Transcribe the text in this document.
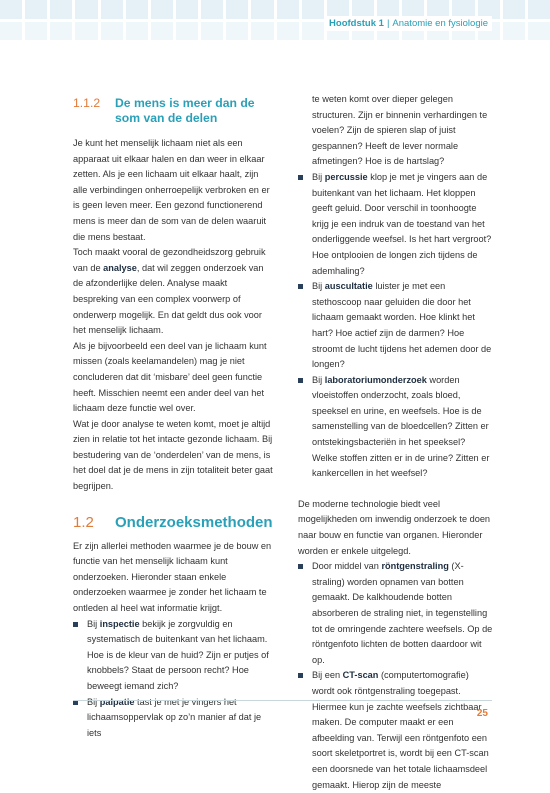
Hoofdstuk 1 | Anatomie en fysiologie
1.1.2	De mens is meer dan de som van de delen

Je kunt het menselijk lichaam niet als een apparaat uit elkaar halen en dan weer in elkaar zetten. Als je een lichaam uit elkaar haalt, zijn alle verbindingen onherroepelijk verbroken en er is geen leven meer. Een gezond functionerend mens is meer dan de som van de delen waaruit die mens bestaat.

Toch maakt vooral de gezondheidszorg gebruik van de analyse, dat wil zeggen onderzoek van de afzonderlijke delen. Analyse maakt bespreking van een complex voorwerp of onderwerp mogelijk. En dat geldt dus ook voor het menselijk lichaam.

Als je bijvoorbeeld een deel van je lichaam kunt missen (zoals keelamandelen) mag je niet concluderen dat dit ‘misbare’ deel geen functie heeft. Misschien neemt een ander deel van het lichaam deze functie wel over.

Wat je door analyse te weten komt, moet je altijd zien in relatie tot het intacte gezonde lichaam. Bij bestudering van de ‘onderdelen’ van de mens, is het doel dat je de mens in zijn totaliteit beter gaat begrijpen.

1.2	Onderzoeksmethoden

Er zijn allerlei methoden waarmee je de bouw en functie van het menselijk lichaam kunt onderzoeken. Hieronder staan enkele onderzoeken waarmee je zonder het lichaam te ontleden al heel wat informatie krijgt.

Bij inspectie bekijk je zorgvuldig en systematisch de buitenkant van het lichaam. Hoe is de kleur van de huid? Zijn er putjes of knobbels? Staat de persoon recht? Hoe beweegt iemand zich?
Bij palpatie tast je met je vingers het lichaamsoppervlak op zo’n manier af dat je iets

te weten komt over dieper gelegen structuren. Zijn er binnenin verhardingen te voelen? Zijn de spieren slap of juist gespannen? Heeft de lever normale afmetingen? Hoe is de hartslag?

Bij percussie klop je met je vingers aan de buitenkant van het lichaam. Het kloppen geeft geluid. Door verschil in toonhoogte krijg je een indruk van de toestand van het onderliggende weefsel. Is het hart vergroot? Hoe ontplooien de longen zich tijdens de ademhaling?
Bij auscultatie luister je met een stethoscoop naar geluiden die door het lichaam gemaakt worden. Hoe klinkt het hart? Hoe actief zijn de darmen? Hoe stroomt de lucht tijdens het ademen door de longen?
Bij laboratoriumonderzoek worden vloeistoffen onderzocht, zoals bloed, speeksel en urine, en weefsels. Hoe is de samenstelling van de bloedcellen? Zitten er ontstekingsbacteriën in het speeksel? Welke stoffen zitten er in de urine? Zitten er kankercellen in het weefsel?

De moderne technologie biedt veel mogelijkheden om inwendig onderzoek te doen naar bouw en functie van organen. Hieronder worden er enkele uitgelegd.

Door middel van röntgenstraling (X-straling) worden opnamen van botten gemaakt. De kalkhoudende botten absorberen de straling niet, in tegenstelling tot de omringende zachtere weefsels. Op de röntgenfoto lichten de botten daardoor wit op.
Bij een CT-scan (computertomografie) wordt ook röntgenstraling toegepast. Hiermee kun je zachte weefsels zichtbaar maken. De computer maakt er een afbeelding van. Terwijl een röntgenfoto een soort skeletportret is, wordt bij een CT-scan een doorsnede van het totale lichaamsdeel gemaakt. Hierop zijn de meeste
25
